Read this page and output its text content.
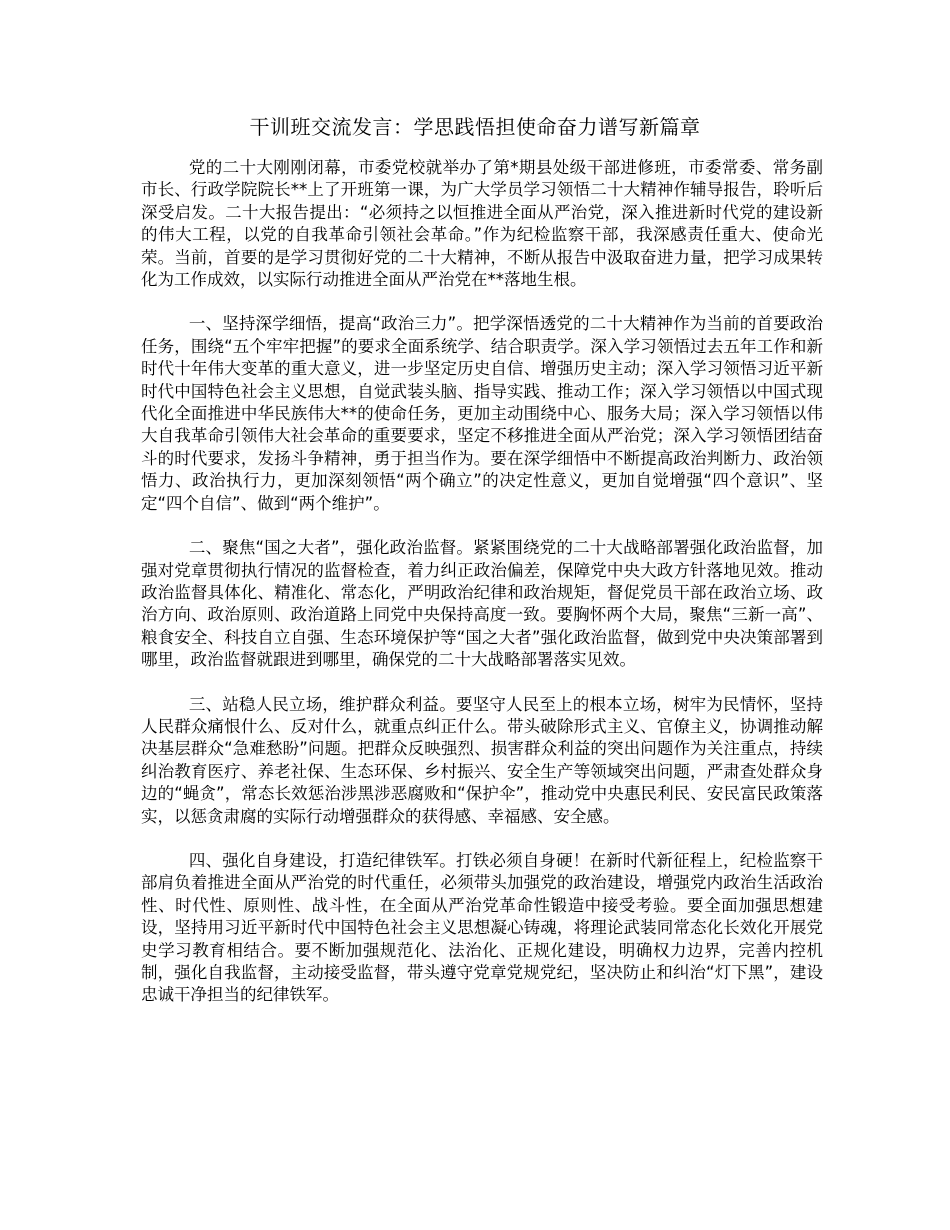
干训班交流发言：学思践悟担使命奋力谱写新篇章

党的二十大刚刚闭幕，市委党校就举办了第*期县处级干部进修班，市委常委、常务副市长、行政学院院长**上了开班第一课，为广大学员学习领悟二十大精神作辅导报告，聆听后深受启发。二十大报告提出：“必须持之以恒推进全面从严治党，深入推进新时代党的建设新的伟大工程，以党的自我革命引领社会革命。”作为纪检监察干部，我深感责任重大、使命光荣。当前，首要的是学习贯彻好党的二十大精神，不断从报告中汲取奋进力量，把学习成果转化为工作成效，以实际行动推进全面从严治党在**落地生根。

一、坚持深学细悟，提高“政治三力”。把学深悟透党的二十大精神作为当前的首要政治任务，围绕“五个牢牢把握”的要求全面系统学、结合职责学。深入学习领悟过去五年工作和新时代十年伟大变革的重大意义，进一步坚定历史自信、增强历史主动；深入学习领悟习近平新时代中国特色社会主义思想，自觉武装头脑、指导实践、推动工作；深入学习领悟以中国式现代化全面推进中华民族伟大**的使命任务，更加主动围绕中心、服务大局；深入学习领悟以伟大自我革命引领伟大社会革命的重要要求，坚定不移推进全面从严治党；深入学习领悟团结奋斗的时代要求，发扬斗争精神，勇于担当作为。要在深学细悟中不断提高政治判断力、政治领悟力、政治执行力，更加深刻领悟“两个确立”的决定性意义，更加自觉增强“四个意识”、坚定“四个自信”、做到“两个维护”。

二、聚焦“国之大者”，强化政治监督。紧紧围绕党的二十大战略部署强化政治监督，加强对党章贯彻执行情况的监督检查，着力纠正政治偏差，保障党中央大政方针落地见效。推动政治监督具体化、精准化、常态化，严明政治纪律和政治规矩，督促党员干部在政治立场、政治方向、政治原则、政治道路上同党中央保持高度一致。要胸怀两个大局，聚焦“三新一高”、粮食安全、科技自立自强、生态环境保护等“国之大者”强化政治监督，做到党中央决策部署到哪里，政治监督就跟进到哪里，确保党的二十大战略部署落实见效。

三、站稳人民立场，维护群众利益。要坚守人民至上的根本立场，树牢为民情怀，坚持人民群众痛恨什么、反对什么，就重点纠正什么。带头破除形式主义、官僚主义，协调推动解决基层群众“急难愁盼”问题。把群众反映强烈、损害群众利益的突出问题作为关注重点，持续纠治教育医疗、养老社保、生态环保、乡村振兴、安全生产等领域突出问题，严肃查处群众身边的“蝇贪”，常态长效惩治涉黑涉恶腐败和“保护伞”，推动党中央惠民利民、安民富民政策落实，以惩贪肃腐的实际行动增强群众的获得感、幸福感、安全感。

四、强化自身建设，打造纪律铁军。打铁必须自身硬！在新时代新征程上，纪检监察干部肩负着推进全面从严治党的时代重任，必须带头加强党的政治建设，增强党内政治生活政治性、时代性、原则性、战斗性，在全面从严治党革命性锻造中接受考验。要全面加强思想建设，坚持用习近平新时代中国特色社会主义思想凝心铸魂，将理论武装同常态化长效化开展党史学习教育相结合。要不断加强规范化、法治化、正规化建设，明确权力边界，完善内控机制，强化自我监督，主动接受监督，带头遵守党章党规党纪，坚决防止和纠治“灯下黑”，建设忠诚干净担当的纪律铁军。
